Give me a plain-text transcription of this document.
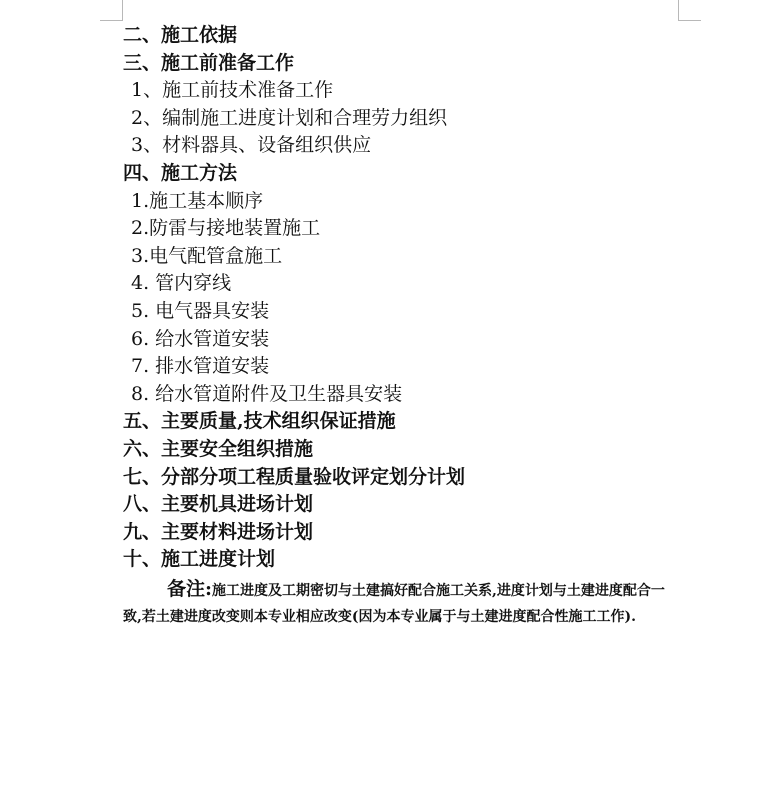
二、施工依据
三、施工前准备工作
1、施工前技术准备工作
2、编制施工进度计划和合理劳力组织
3、材料器具、设备组织供应
四、施工方法
1.施工基本顺序
2.防雷与接地装置施工
3.电气配管盒施工
4. 管内穿线
5. 电气器具安装
6. 给水管道安装
7. 排水管道安装
8. 给水管道附件及卫生器具安装
五、主要质量,技术组织保证措施
六、主要安全组织措施
七、分部分项工程质量验收评定划分计划
八、主要机具进场计划
九、主要材料进场计划
十、施工进度计划
备注:施工进度及工期密切与土建搞好配合施工关系,进度计划与土建进度配合一致,若土建进度改变则本专业相应改变(因为本专业属于与土建进度配合性施工工作).
